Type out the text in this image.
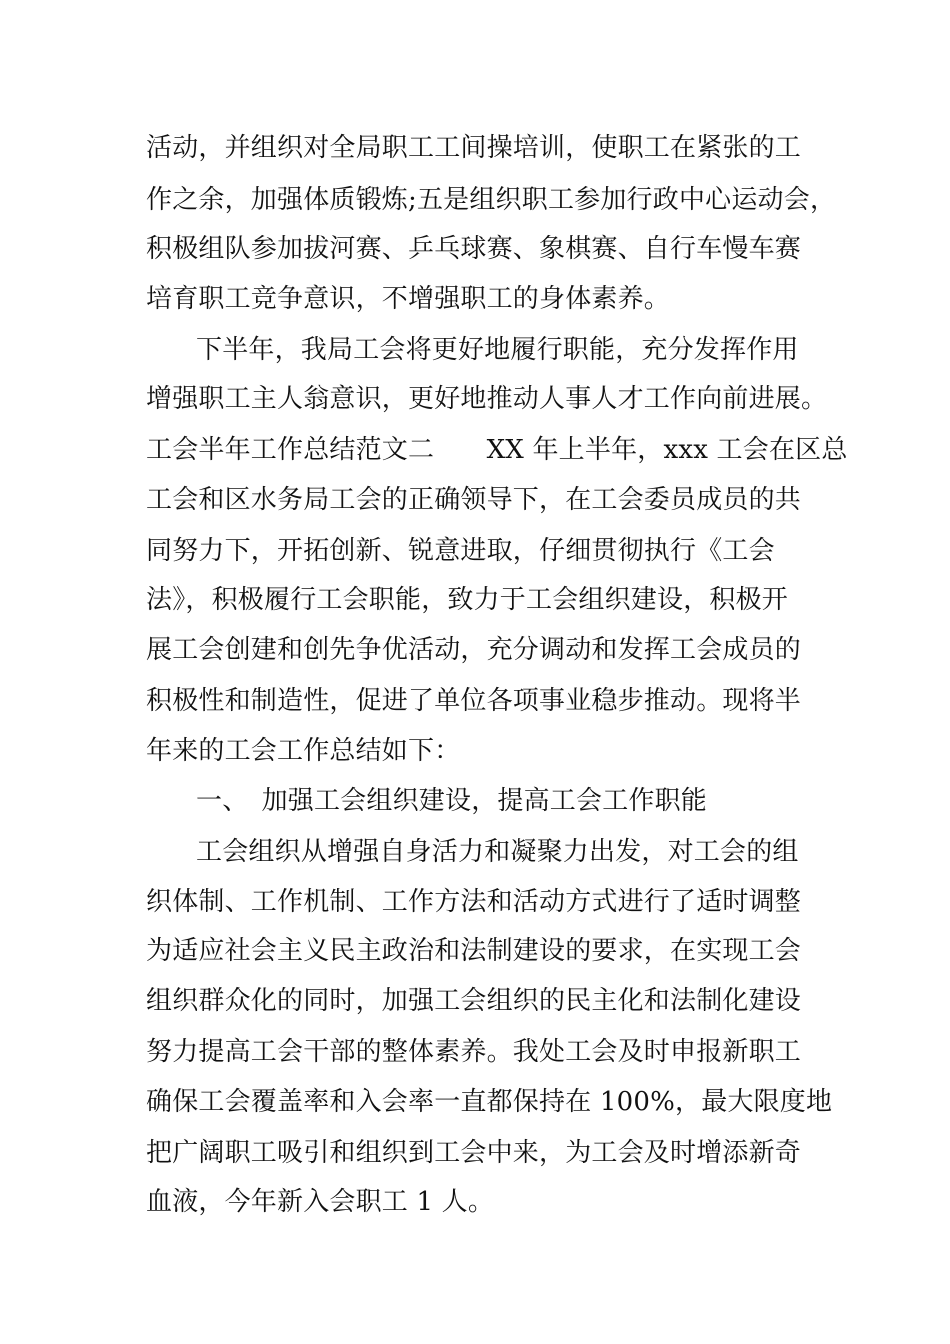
活动，并组织对全局职工工间操培训，使职工在紧张的工
作之余，加强体质锻炼;五是组织职工参加行政中心运动会，
积极组队参加拔河赛、乒乓球赛、象棋赛、自行车慢车赛
培育职工竞争意识，不增强职工的身体素养。
下半年，我局工会将更好地履行职能，充分发挥作用
增强职工主人翁意识，更好地推动人事人才工作向前进展。
工会半年工作总结范文二　　XX 年上半年，xxx 工会在区总
工会和区水务局工会的正确领导下，在工会委员成员的共
同努力下，开拓创新、锐意进取，仔细贯彻执行《工会
法》，积极履行工会职能，致力于工会组织建设，积极开
展工会创建和创先争优活动，充分调动和发挥工会成员的
积极性和制造性，促进了单位各项事业稳步推动。现将半
年来的工会工作总结如下：
一、　加强工会组织建设，提高工会工作职能
工会组织从增强自身活力和凝聚力出发，对工会的组
织体制、工作机制、工作方法和活动方式进行了适时调整
为适应社会主义民主政治和法制建设的要求，在实现工会
组织群众化的同时，加强工会组织的民主化和法制化建设
努力提高工会干部的整体素养。我处工会及时申报新职工
确保工会覆盖率和入会率一直都保持在 100%，最大限度地
把广阔职工吸引和组织到工会中来，为工会及时增添新奇
血液，今年新入会职工 1 人。
